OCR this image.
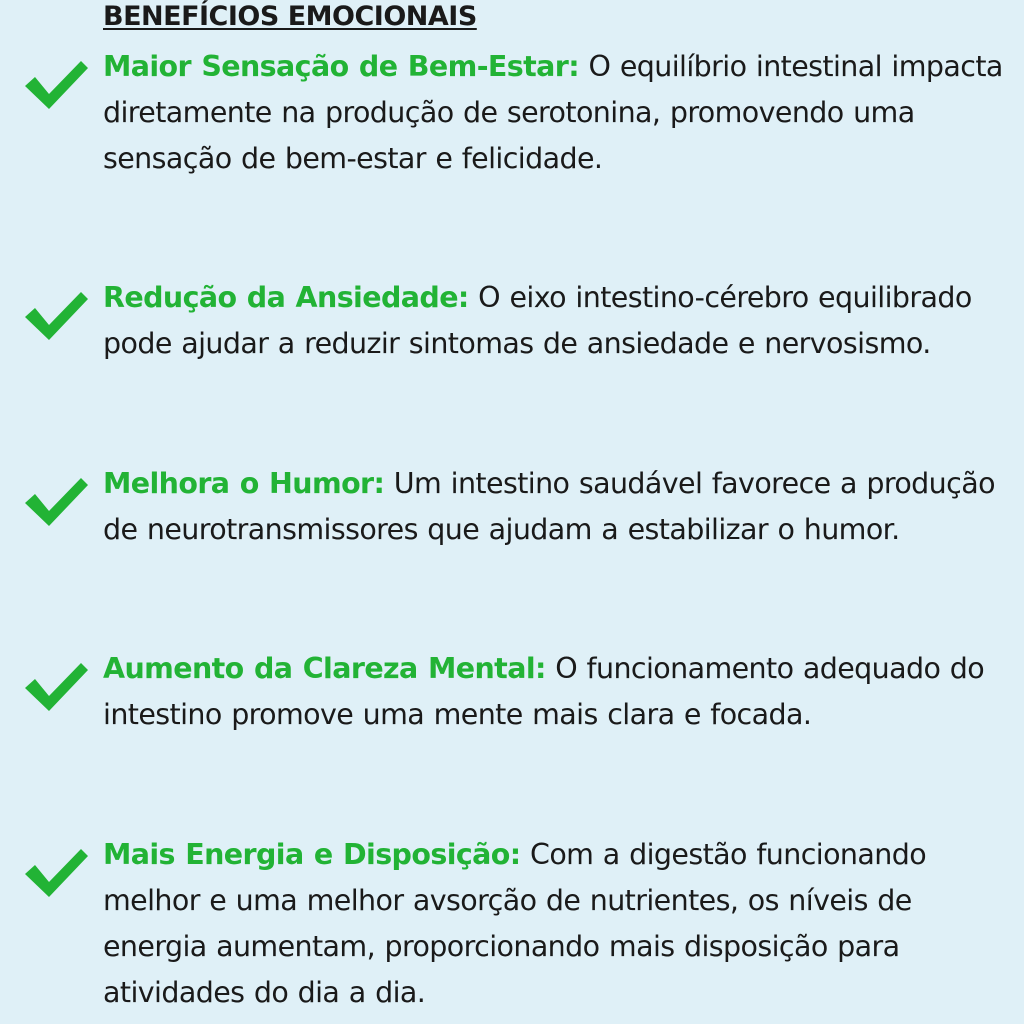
BENEFÍCIOS EMOCIONAIS
Maior Sensação de Bem-Estar: O equilíbrio intestinal impacta diretamente na produção de serotonina, promovendo uma sensação de bem-estar e felicidade.
Redução da Ansiedade: O eixo intestino-cérebro equilibrado pode ajudar a reduzir sintomas de ansiedade e nervosismo.
Melhora o Humor: Um intestino saudável favorece a produção de neurotransmissores que ajudam a estabilizar o humor.
Aumento da Clareza Mental: O funcionamento adequado do intestino promove uma mente mais clara e focada.
Mais Energia e Disposição: Com a digestão funcionando melhor e uma melhor avsorção de nutrientes, os níveis de energia aumentam, proporcionando mais disposição para atividades do dia a dia.
